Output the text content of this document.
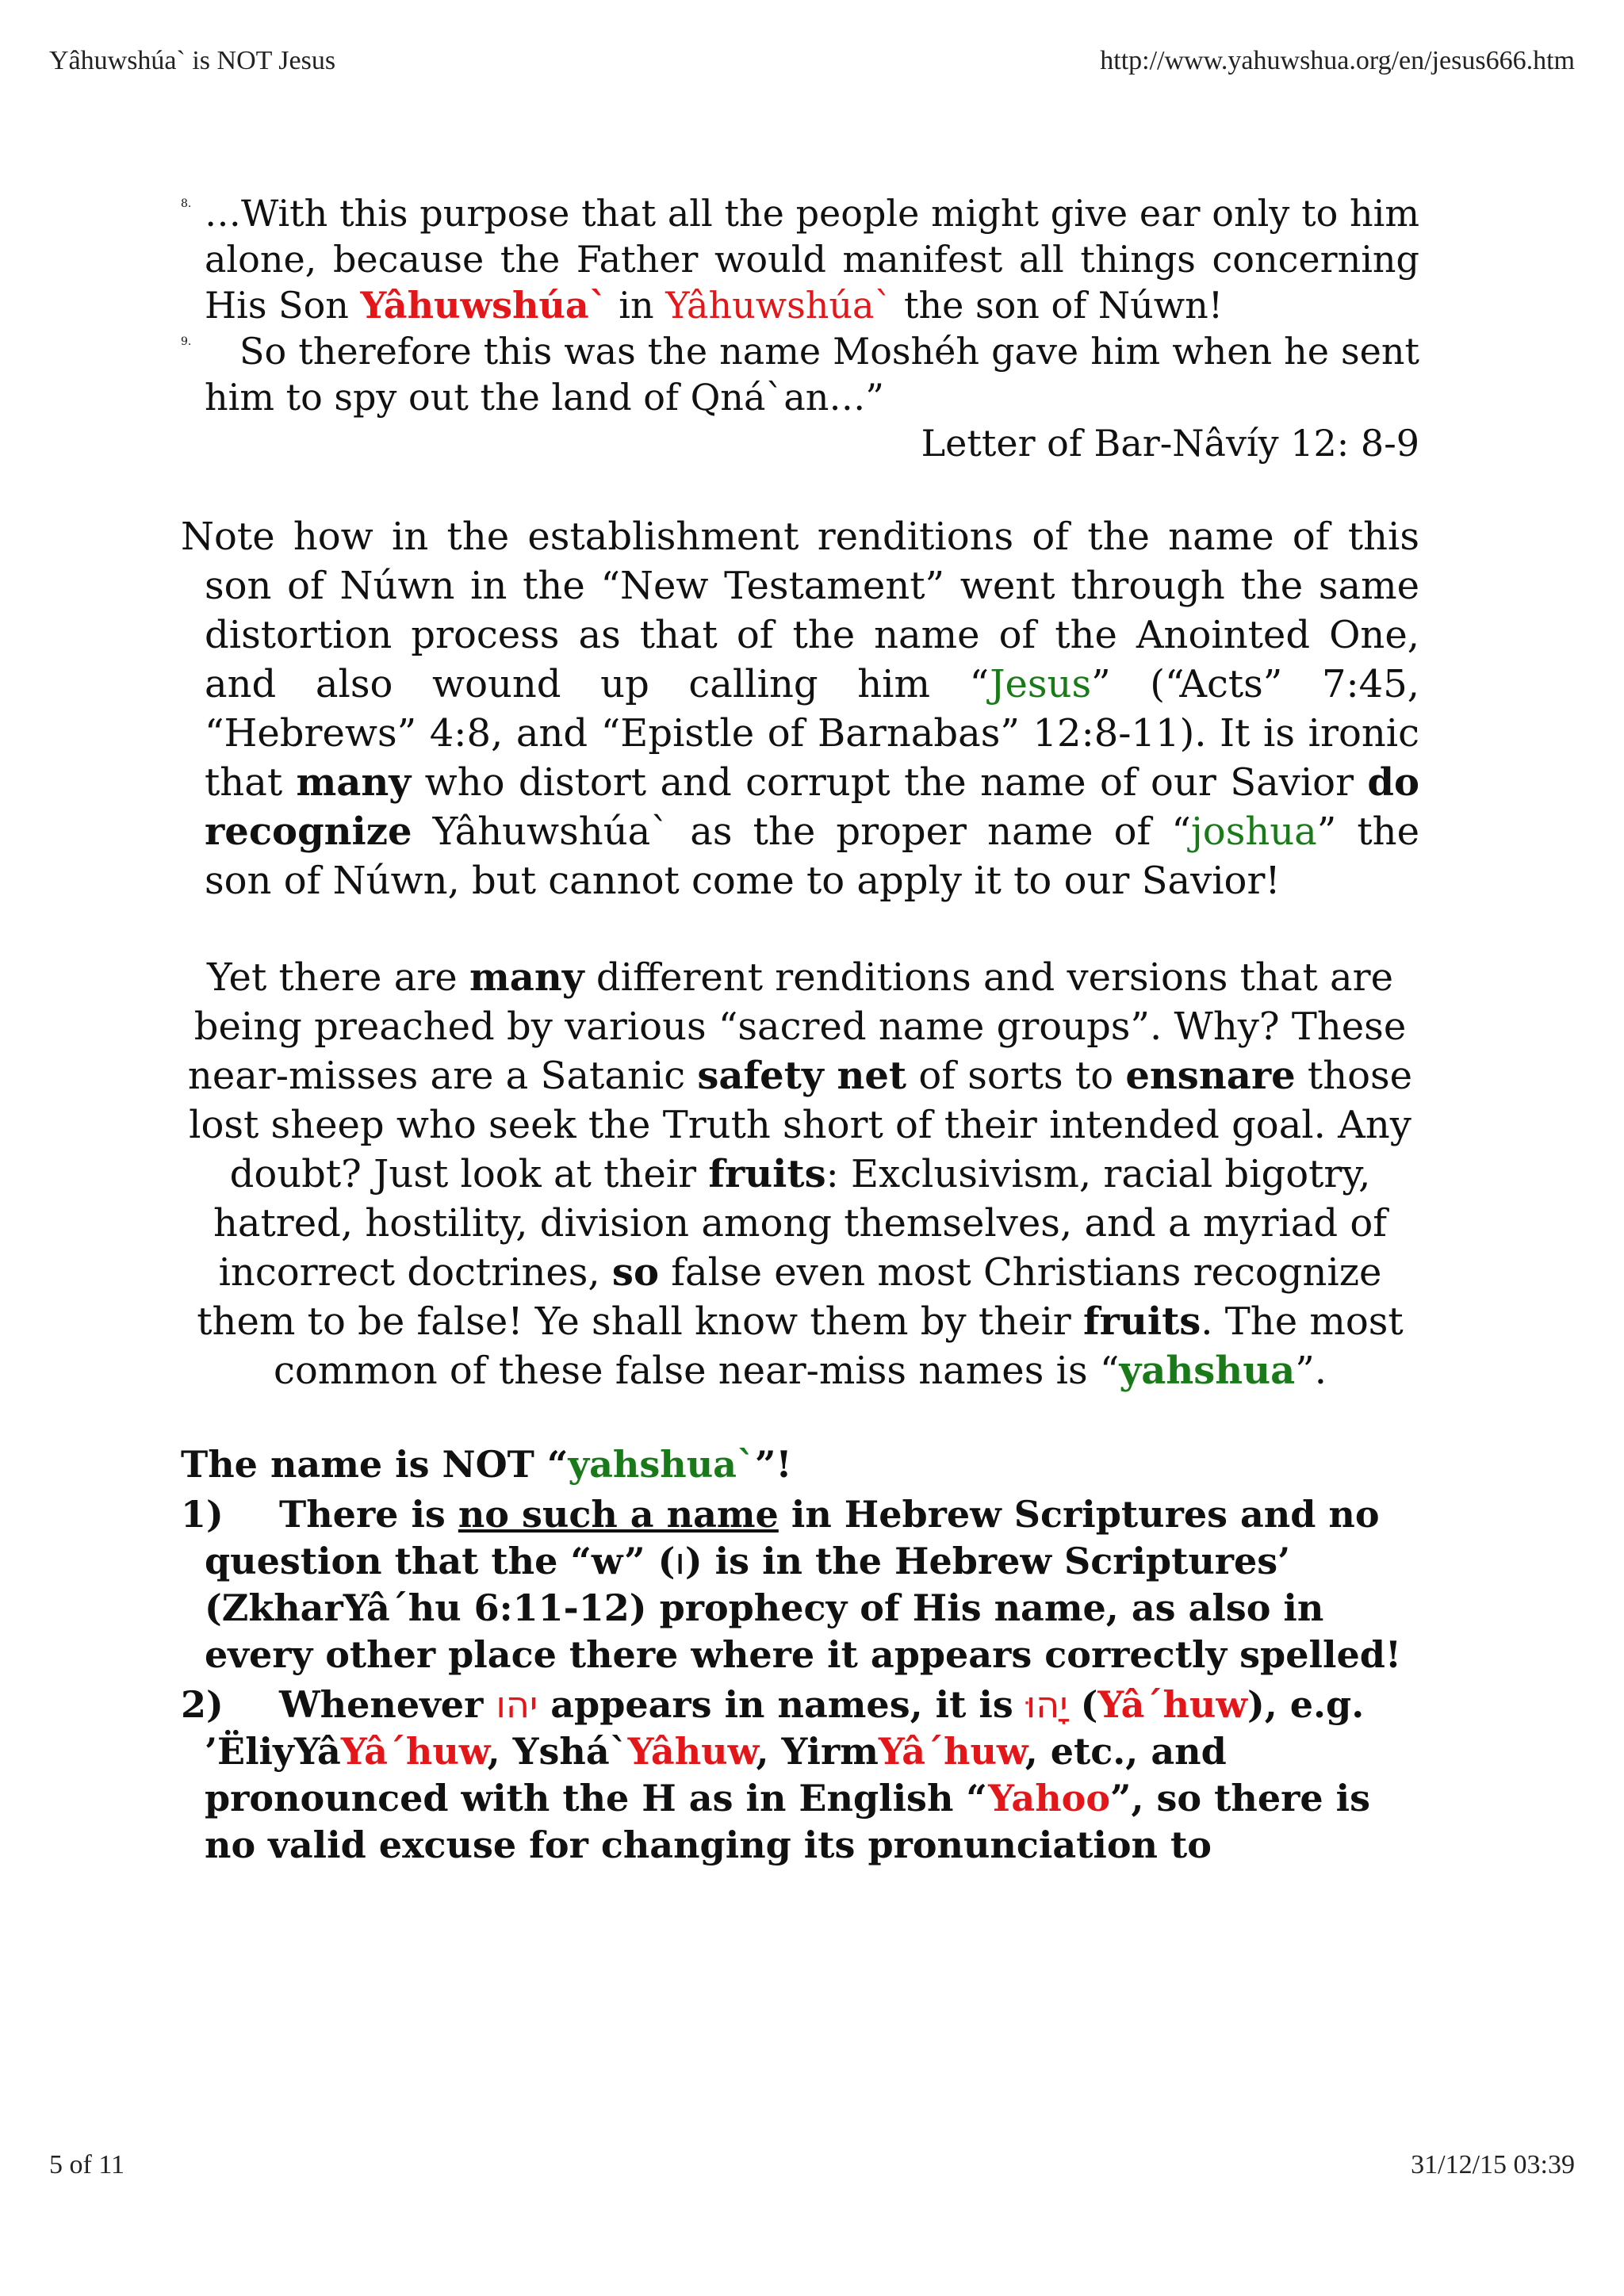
Yâhuwshúa` is NOT Jesus	http://www.yahuwshua.org/en/jesus666.htm
8. …With this purpose that all the people might give ear only to him alone, because the Father would manifest all things concerning His Son Yâhuwshúa` in Yâhuwshúa` the son of Núwn!
9. So therefore this was the name Moshéh gave him when he sent him to spy out the land of Qná`an…”
Letter of Bar-Nâvíy 12: 8-9
Note how in the establishment renditions of the name of this son of Núwn in the “New Testament” went through the same distortion process as that of the name of the Anointed One, and also wound up calling him “Jesus” (“Acts” 7:45, “Hebrews” 4:8, and “Epistle of Barnabas” 12:8-11). It is ironic that many who distort and corrupt the name of our Savior do recognize Yâhuwshúa` as the proper name of “joshua” the son of Núwn, but cannot come to apply it to our Savior!
Yet there are many different renditions and versions that are being preached by various “sacred name groups”. Why? These near-misses are a Satanic safety net of sorts to ensnare those lost sheep who seek the Truth short of their intended goal. Any doubt? Just look at their fruits: Exclusivism, racial bigotry, hatred, hostility, division among themselves, and a myriad of incorrect doctrines, so false even most Christians recognize them to be false! Ye shall know them by their fruits. The most common of these false near-miss names is “yahshua”.
The name is NOT “yahshua`”!
1) There is no such a name in Hebrew Scriptures and no question that the “w” (ו) is in the Hebrew Scriptures’ (ZkharYâ´hu 6:11-12) prophecy of His name, as also in every other place there where it appears correctly spelled!
2) Whenever יהו appears in names, it is יָהוּ (Yâ´huw), e.g. ’ËliyYâYâ´huw, Yshá`Yâhuw, YirmYâ´huw, etc., and pronounced with the H as in English “Yahoo”, so there is no valid excuse for changing its pronunciation to
5 of 11	31/12/15 03:39
